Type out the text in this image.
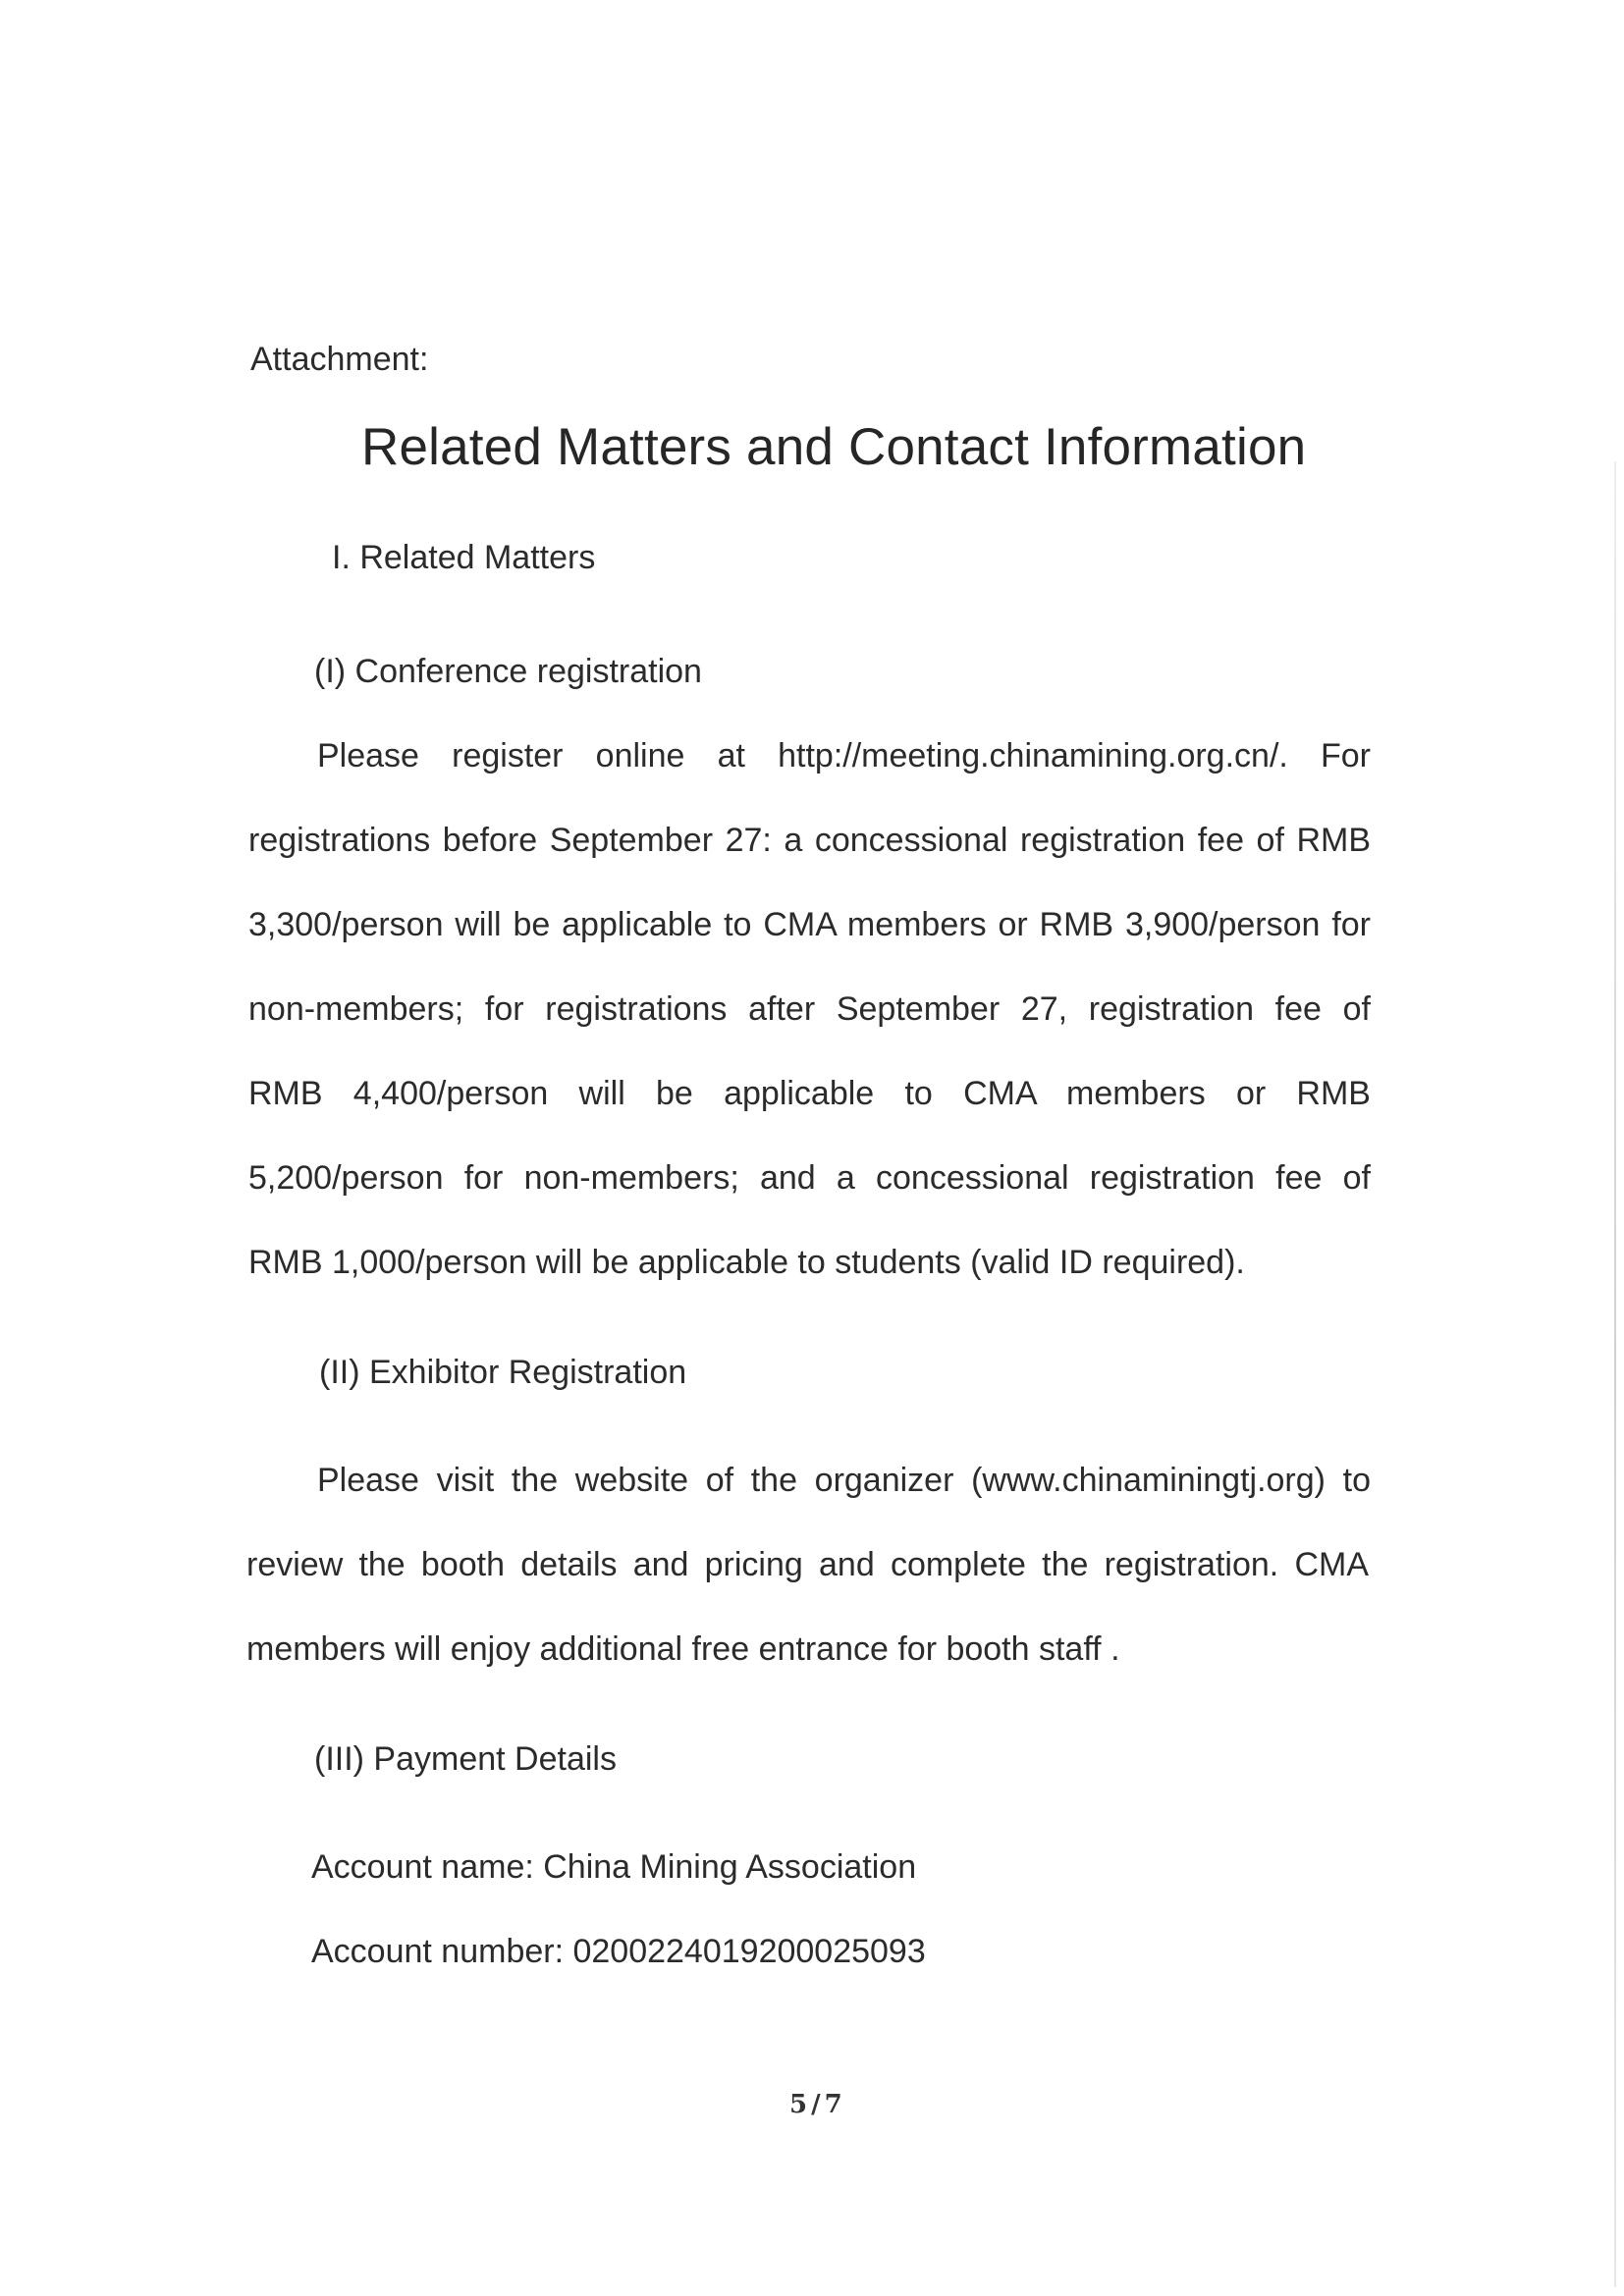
Attachment:
Related Matters and Contact Information
I. Related Matters
(I) Conference registration
Please register online at http://meeting.chinamining.org.cn/. For
registrations before September 27: a concessional registration fee of RMB
3,300/person will be applicable to CMA members or RMB 3,900/person for
non-members; for registrations after September 27, registration fee of
RMB 4,400/person will be applicable to CMA members or RMB
5,200/person for non-members; and a concessional registration fee of
RMB 1,000/person will be applicable to students (valid ID required).
(II) Exhibitor Registration
Please visit the website of the organizer (www.chinaminingtj.org) to
review the booth details and pricing and complete the registration. CMA
members will enjoy additional free entrance for booth staff .
(III) Payment Details
Account name: China Mining Association
Account number: 0200224019200025093
5/7
